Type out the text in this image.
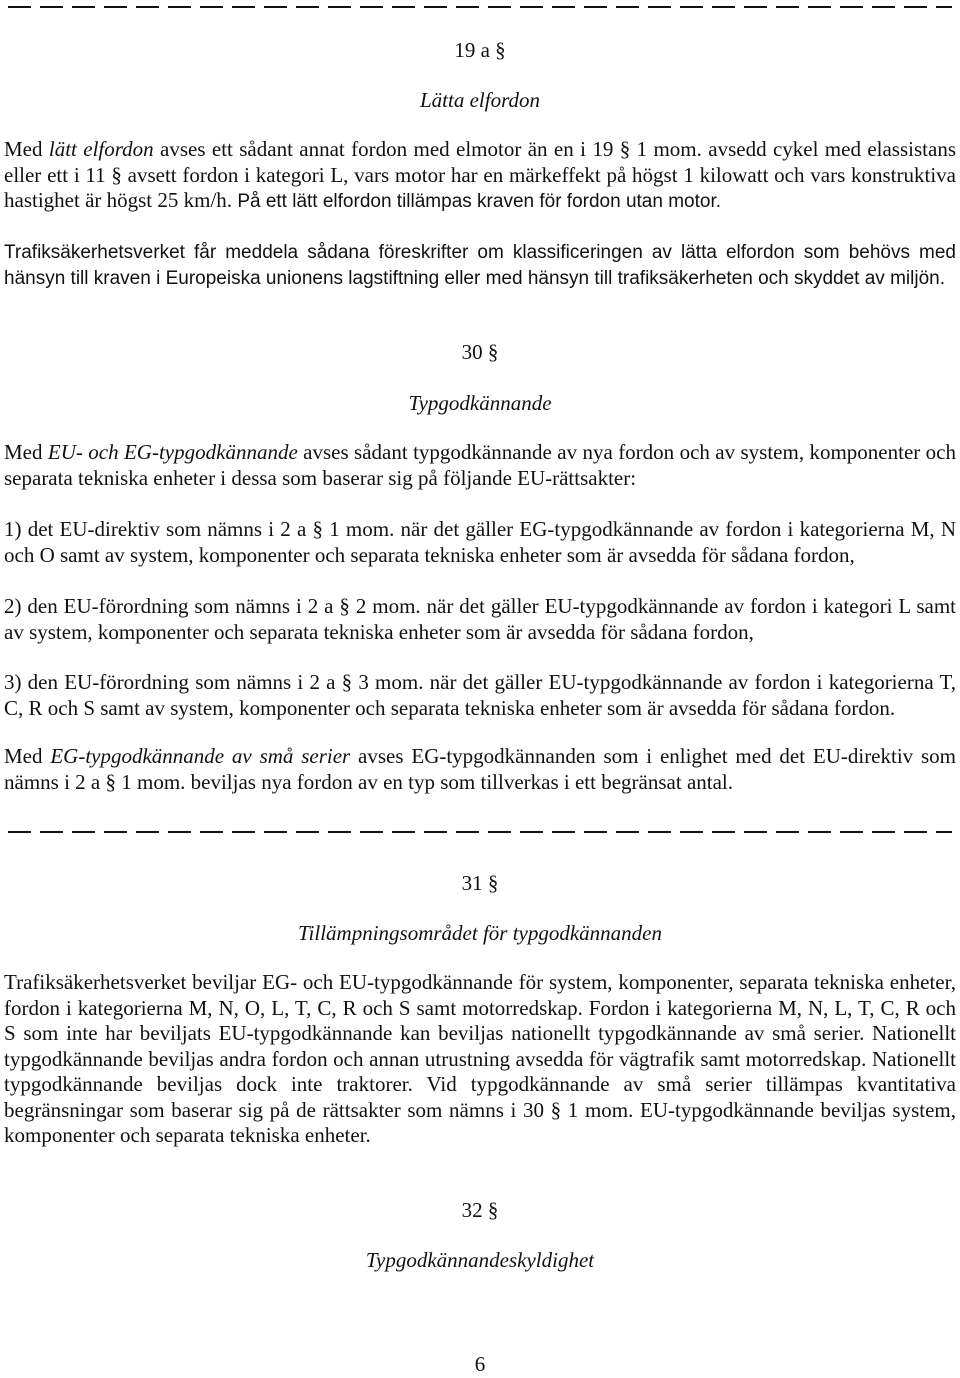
19 a §
Lätta elfordon

Med lätt elfordon avses ett sådant annat fordon med elmotor än en i 19 § 1 mom. avsedd cykel med elassistans eller ett i 11 § avsett fordon i kategori L, vars motor har en märkeffekt på högst 1 kilowatt och vars konstruktiva hastighet är högst 25 km/h. På ett lätt elfordon tillämpas kraven för fordon utan motor.

Trafiksäkerhetsverket får meddela sådana föreskrifter om klassificeringen av lätta elfordon som behövs med hänsyn till kraven i Europeiska unionens lagstiftning eller med hänsyn till trafiksäkerheten och skyddet av miljön.

30 §
Typgodkännande

Med EU- och EG-typgodkännande avses sådant typgodkännande av nya fordon och av system, komponenter och separata tekniska enheter i dessa som baserar sig på följande EU-rättsakter:

1) det EU-direktiv som nämns i 2 a § 1 mom. när det gäller EG-typgodkännande av fordon i kategorierna M, N och O samt av system, komponenter och separata tekniska enheter som är avsedda för sådana fordon,

2) den EU-förordning som nämns i 2 a § 2 mom. när det gäller EU-typgodkännande av fordon i kategori L samt av system, komponenter och separata tekniska enheter som är avsedda för sådana fordon,

3) den EU-förordning som nämns i 2 a § 3 mom. när det gäller EU-typgodkännande av fordon i kategorierna T, C, R och S samt av system, komponenter och separata tekniska enheter som är avsedda för sådana fordon.

Med EG-typgodkännande av små serier avses EG-typgodkännanden som i enlighet med det EU-direktiv som nämns i 2 a § 1 mom. beviljas nya fordon av en typ som tillverkas i ett begränsat antal.

31 §
Tillämpningsområdet för typgodkännanden

Trafiksäkerhetsverket beviljar EG- och EU-typgodkännande för system, komponenter, separata tekniska enheter, fordon i kategorierna M, N, O, L, T, C, R och S samt motorredskap. Fordon i kategorierna M, N, L, T, C, R och S som inte har beviljats EU-typgodkännande kan beviljas nationellt typgodkännande av små serier. Nationellt typgodkännande beviljas andra fordon och annan utrustning avsedda för vägtrafik samt motorredskap. Nationellt typgodkännande beviljas dock inte traktorer. Vid typgodkännande av små serier tillämpas kvantitativa begränsningar som baserar sig på de rättsakter som nämns i 30 § 1 mom. EU-typgodkännande beviljas system, komponenter och separata tekniska enheter.

32 §
Typgodkännandeskyldighet
6
